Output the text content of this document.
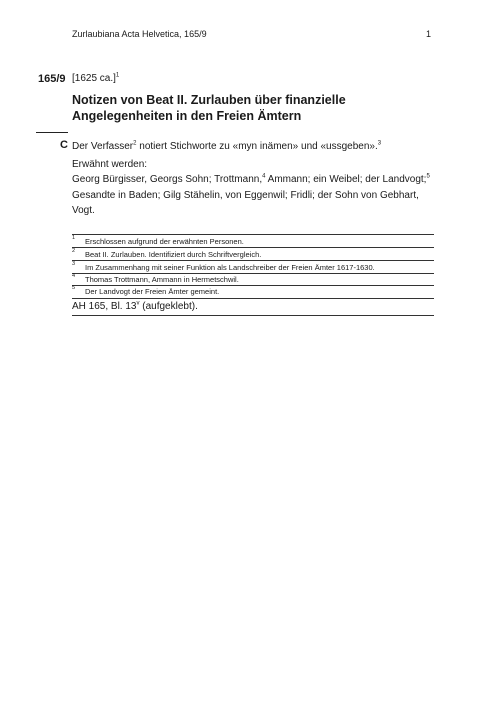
Zurlaubiana Acta Helvetica, 165/9	1
165/9 [1625 ca.]$^1$
Notizen von Beat II. Zurlauben über finanzielle Angelegenheiten in den Freien Ämtern
C Der Verfasser$^2$ notiert Stichworte zu «myn inämen» und «ussgeben».$^3$

Erwähnt werden:

Georg Bürgisser, Georgs Sohn; Trottmann,$^4$ Ammann; ein Weibel; der Landvogt;$^5$ Gesandte in Baden; Gilg Stähelin, von Eggenwil; Fridli; der Sohn von Gebhart, Vogt.

1 Erschlossen aufgrund der erwähnten Personen.
2 Beat II. Zurlauben. Identifiziert durch Schriftvergleich.
3 Im Zusammenhang mit seiner Funktion als Landschreiber der Freien Ämter 1617-1630.
4 Thomas Trottmann, Ammann in Hermetschwil.
5 Der Landvogt der Freien Ämter gemeint.
AH 165, Bl. 13$^v$ (aufgeklebt).
